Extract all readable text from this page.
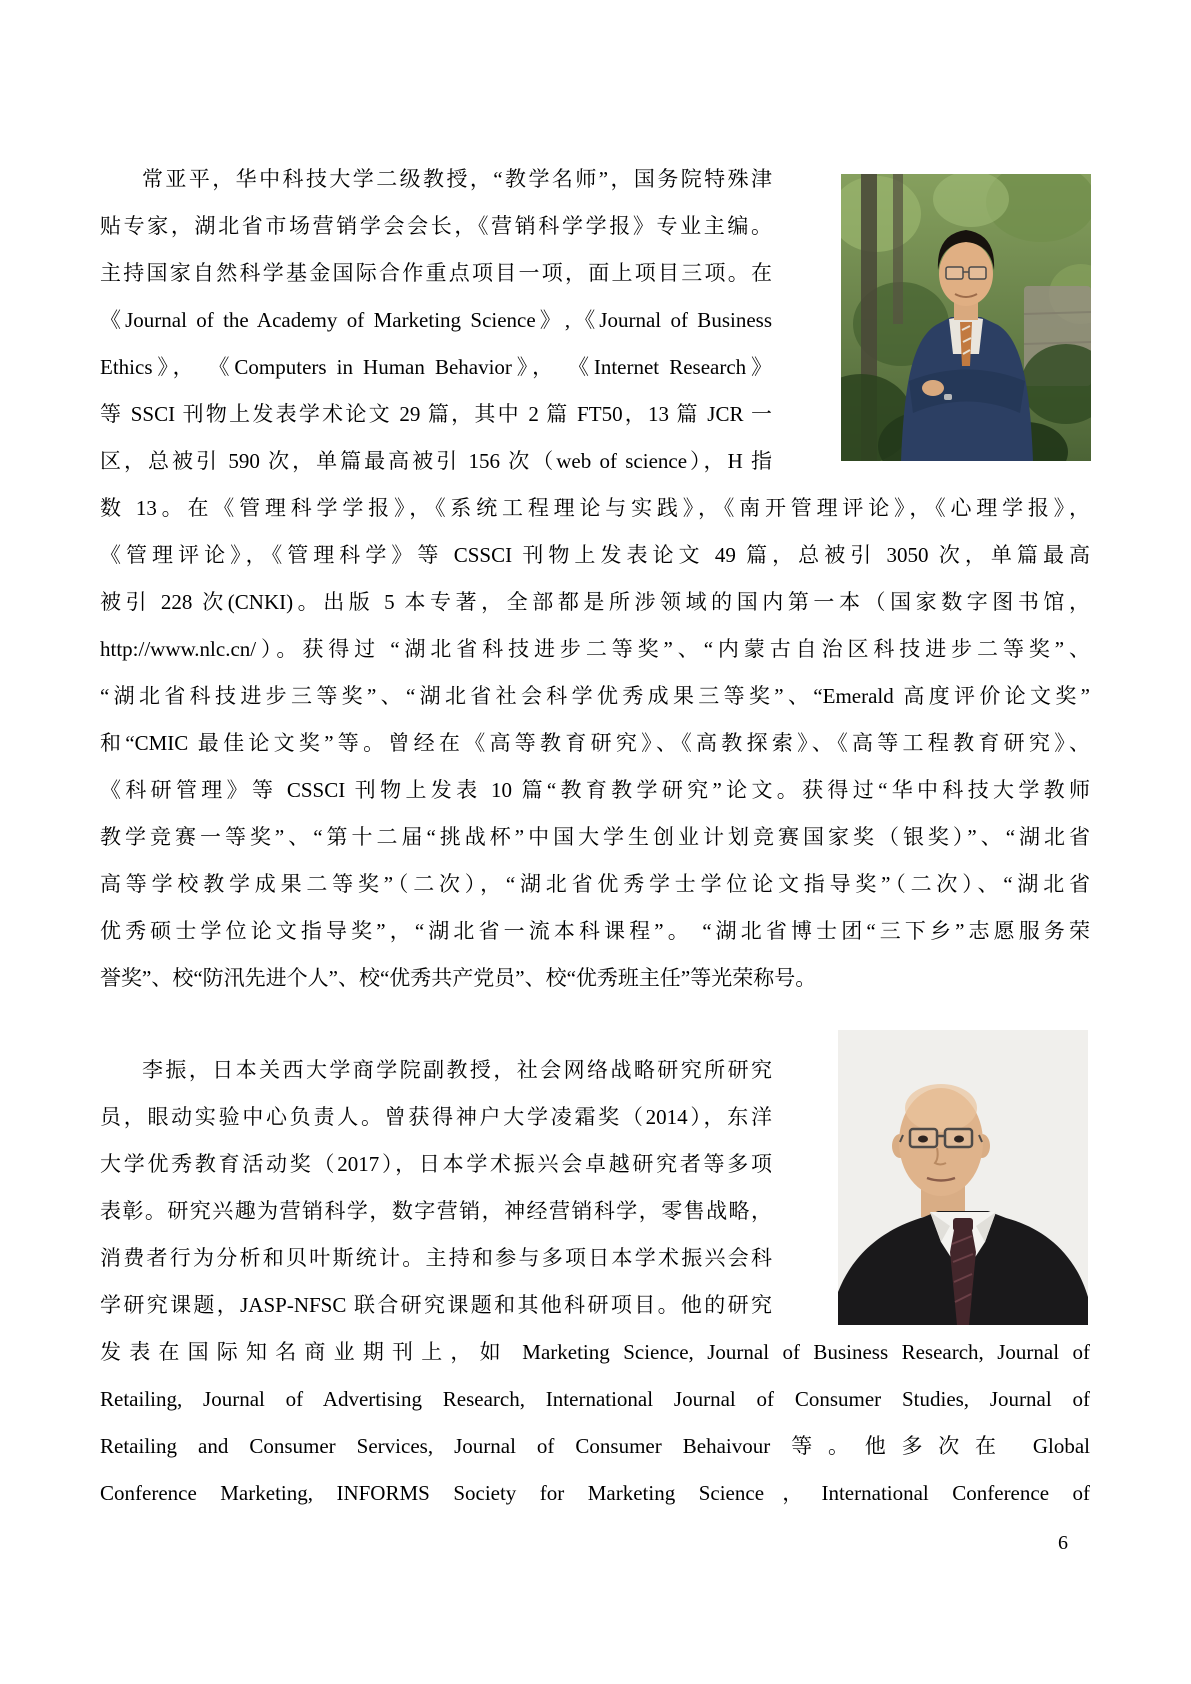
常亚平，华中科技大学二级教授，“教学名师”，国务院特殊津
贴专家，湖北省市场营销学会会长，《营销科学学报》专业主编。
主持国家自然科学基金国际合作重点项目一项，面上项目三项。在
《Journal of the Academy of Marketing Science》,《Journal of Business
Ethics》， 《Computers in Human Behavior》， 《Internet Research》
等 SSCI 刊物上发表学术论文 29 篇，其中 2 篇 FT50，13 篇 JCR 一
区，总被引 590 次，单篇最高被引 156 次（web of science），H 指
数 13。在《管理科学学报》，《系统工程理论与实践》，《南开管理评论》，《心理学报》，
《管理评论》，《管理科学》等 CSSCI 刊物上发表论文 49 篇，总被引 3050 次，单篇最高
被引 228 次(CNKI)。出版 5 本专著，全部都是所涉领域的国内第一本（国家数字图书馆，
http://www.nlc.cn/）。获得过 “湖北省科技进步二等奖”、“内蒙古自治区科技进步二等奖”、
“湖北省科技进步三等奖”、“湖北省社会科学优秀成果三等奖”、“Emerald 高度评价论文奖”
和“CMIC 最佳论文奖”等。曾经在《高等教育研究》、《高教探索》、《高等工程教育研究》、
《科研管理》等 CSSCI 刊物上发表 10 篇“教育教学研究”论文。获得过“华中科技大学教师
教学竞赛一等奖”、“第十二届“挑战杯”中国大学生创业计划竞赛国家奖（银奖）”、“湖北省
高等学校教学成果二等奖”（二次），“湖北省优秀学士学位论文指导奖”（二次）、“湖北省
优秀硕士学位论文指导奖”，“湖北省一流本科课程”。 “湖北省博士团“三下乡”志愿服务荣
誉奖”、校“防汛先进个人”、校“优秀共产党员”、校“优秀班主任”等光荣称号。
李振，日本关西大学商学院副教授，社会网络战略研究所研究
员，眼动实验中心负责人。曾获得神户大学凌霜奖（2014），东洋
大学优秀教育活动奖（2017），日本学术振兴会卓越研究者等多项
表彰。研究兴趣为营销科学，数字营销，神经营销科学，零售战略，
消费者行为分析和贝叶斯统计。主持和参与多项日本学术振兴会科
学研究课题，JASP-NFSC 联合研究课题和其他科研项目。他的研究
发表在国际知名商业期刊上，如 Marketing Science, Journal of Business Research, Journal of
Retailing, Journal of Advertising Research, International Journal of Consumer Studies, Journal of
Retailing and Consumer Services, Journal of Consumer Behaivour 等。他多次在 Global
Conference Marketing, INFORMS Society for Marketing Science，International Conference of
6
